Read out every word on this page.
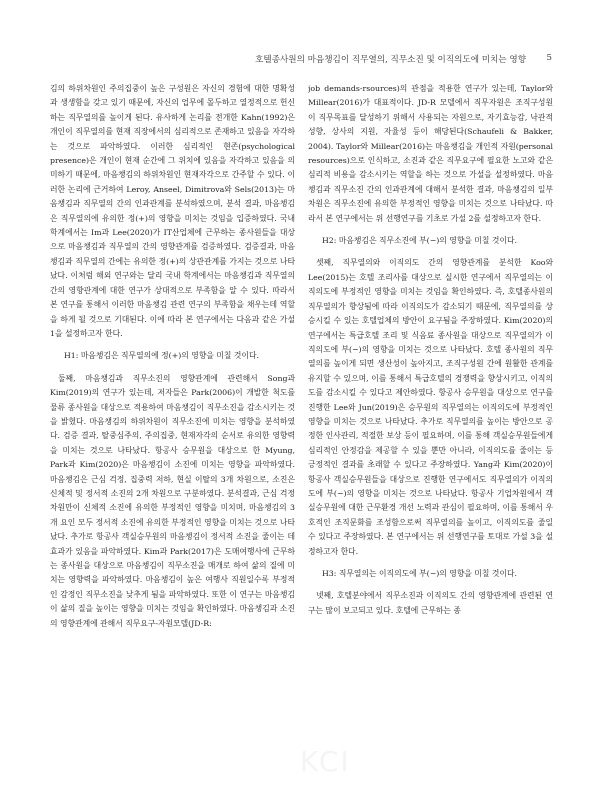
호텔종사원의 마음챙김이 직무열의, 직무소진 및 이직의도에 미치는 영향 5

김의 하위차원인 주의집중이 높은 구성원은 자신의 경험에 대한 명확성과 생생함을 갖고 있기 때문에, 자신의 업무에 몰두하고 열정적으로 헌신하는 직무열의를 높이게 된다. 유사하게 논리를 전개한 Kahn(1992)은 개인이 직무열의를 현재 직장에서의 심리적으로 존재하고 있음을 자각하는 것으로 파악하였다. 이러한 심리적인 현존(psychological presence)은 개인이 현재 순간에 그 위치에 있음을 자각하고 있음을 의미하기 때문에, 마음챙김의 하위차원인 현재자각으로 간주할 수 있다. 이러한 논리에 근거하여 Leroy, Anseel, Dimitrova와 Sels(2013)는 마음챙김과 직무열의 간의 인과관계를 분석하였으며, 분석 결과, 마음챙김은 직무열의에 유의한 정(+)의 영향을 미치는 것임을 입증하였다. 국내 학계에서는 Im과 Lee(2020)가 IT산업체에 근무하는 종사원들을 대상으로 마음챙김과 직무열의 간의 영향관계를 검증하였다. 검증결과, 마음챙김과 직무열의 간에는 유의한 정(+)의 상관관계를 가지는 것으로 나타났다. 이처럼 해외 연구와는 달리 국내 학계에서는 마음챙김과 직무열의 간의 영향관계에 대한 연구가 상대적으로 부족함을 알 수 있다. 따라서 본 연구를 통해서 이러한 마음챙김 관련 연구의 부족함을 채우는데 역할을 하게 될 것으로 기대된다. 이에 따라 본 연구에서는 다음과 같은 가설 1을 설정하고자 한다.

H1: 마음챙김은 직무열의에 정(+)의 영향을 미칠 것이다.

둘째, 마음챙김과 직무소진의 영향관계에 관련해서 Song과 Kim(2019)의 연구가 있는데, 저자들은 Park(2006)이 개발한 척도를 물류 종사원을 대상으로 적용하여 마음챙김이 직무소진을 감소시키는 것을 밝혔다. 마음챙김의 하위차원이 직무소진에 미치는 영향을 분석하였다. 검증 결과, 탈중심주의, 주의집중, 현재자각의 순서로 유의한 영향력을 미치는 것으로 나타났다. 항공사 승무원을 대상으로 한 Myung, Park과 Kim(2020)은 마음챙김이 소진에 미치는 영향을 파악하였다. 마음챙김은 근심 걱정, 집중력 저하, 현실 이탈의 3개 차원으로, 소진은 신체적 및 정서적 소진의 2개 차원으로 구분하였다. 분석결과, 근심 걱정 차원만이 신체적 소진에 유의한 부정적인 영향을 미치며, 마음챙김의 3개 요인 모두 정서적 소진에 유의한 부정적인 영향을 미치는 것으로 나타났다. 추가로 항공사 객실승무원의 마음챙김이 정서적 소진을 줄이는 데 효과가 있음을 파악하였다. Kim과 Park(2017)은 도매여행사에 근무하는 종사원을 대상으로 마음챙김이 직무소진을 매개로 하여 삶의 질에 미치는 영향력을 파악하였다. 마음챙김이 높은 여행사 직원일수록 부정적인 감정인 직무소진을 낮추게 됨을 파악하였다. 또한 이 연구는 마음챙김이 삶의 질을 높이는 영향을 미치는 것임을 확인하였다. 마음챙김과 소진의 영향관계에 관해서 직무요구-자원모델(JD-R:

job demands-rsources)의 관점을 적용한 연구가 있는데, Taylor와 Millear(2016)가 대표적이다. JD-R 모델에서 직무자원은 조직구성원이 직무목표를 달성하기 위해서 사용되는 자원으로, 자기효능감, 낙관적 성향, 상사의 지원, 자율성 등이 해당된다(Schaufeli & Bakker, 2004). Taylor와 Millear(2016)는 마음챙김을 개인적 자원(personal resources)으로 인식하고, 소진과 같은 직무요구에 필요한 노고와 같은 심리적 비용을 감소시키는 역할을 하는 것으로 가설을 설정하였다. 마음챙김과 직무소진 간의 인과관계에 대해서 분석한 결과, 마음챙김의 일부 차원은 직무소진에 유의한 부정적인 영향을 미치는 것으로 나타났다. 따라서 본 연구에서는 위 선행연구를 기초로 가설 2를 설정하고자 한다.

H2: 마음챙김은 직무소진에 부(−)의 영향을 미칠 것이다.

셋째, 직무열의와 이직의도 간의 영향관계를 분석한 Koo와 Lee(2015)는 호텔 조리사를 대상으로 실시한 연구에서 직무열의는 이직의도에 부정적인 영향을 미치는 것임을 확인하였다. 즉, 호텔종사원의 직무열의가 향상됨에 따라 이직의도가 감소되기 때문에, 직무열의를 상승시킬 수 있는 호텔업체의 방안이 요구됨을 주장하였다. Kim(2020)의 연구에서는 특급호텔 조리 및 식음료 종사원을 대상으로 직무열의가 이직의도에 부(−)의 영향을 미치는 것으로 나타났다. 호텔 종사원의 직무열의를 높이게 되면 생산성이 높아지고, 조직구성원 간에 원활한 관계를 유지할 수 있으며, 이를 통해서 특급호텔의 경쟁력을 향상시키고, 이직의도를 감소시킬 수 있다고 제안하였다. 항공사 승무원을 대상으로 연구를 진행한 Lee와 Jun(2019)은 승무원의 직무열의는 이직의도에 부정적인 영향을 미치는 것으로 나타났다. 추가로 직무열의를 높이는 방안으로 공정한 인사관리, 적절한 보상 등이 필요하며, 이를 통해 객실승무원들에게 심리적인 안정감을 제공할 수 있을 뿐만 아니라, 이직의도를 줄이는 등 긍정적인 결과를 초래할 수 있다고 주장하였다. Yang과 Kim(2020)이 항공사 객실승무원들을 대상으로 진행한 연구에서도 직무열의가 이직의도에 부(−)의 영향을 미치는 것으로 나타났다. 항공사 기업차원에서 객실승무원에 대한 근무환경 개선 노력과 관심이 필요하며, 이를 통해서 우호적인 조직문화를 조성함으로써 직무열의를 높이고, 이직의도를 줄일 수 있다고 주장하였다. 본 연구에서는 위 선행연구를 토대로 가설 3을 설정하고자 한다.

H3: 직무열의는 이직의도에 부(−)의 영향을 미칠 것이다.

넷째, 호텔분야에서 직무소진과 이직의도 간의 영향관계에 관련된 연구는 많이 보고되고 있다. 호텔에 근무하는 종

KCI
